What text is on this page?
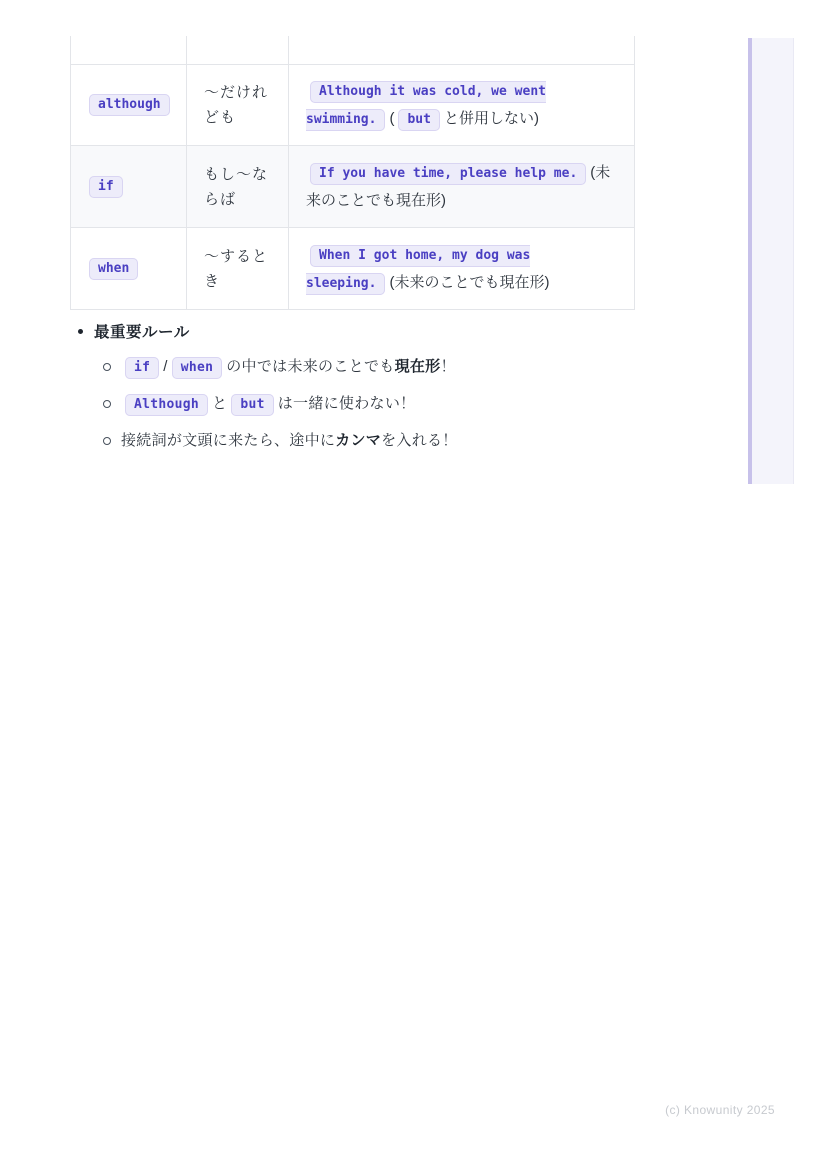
although	〜だけれども	Although it was cold, we went swimming. ( but と併用しない)
if	もし〜ならば	If you have time, please help me. (未来のことでも現在形)
when	〜するとき	When I got home, my dog was sleeping. (未来のことでも現在形)
最重要ルール
if / when の中では未来のことでも現在形！
Although と but は一緒に使わない！
接続詞が文頭に来たら、途中にカンマを入れる！
(c) Knowunity 2025
